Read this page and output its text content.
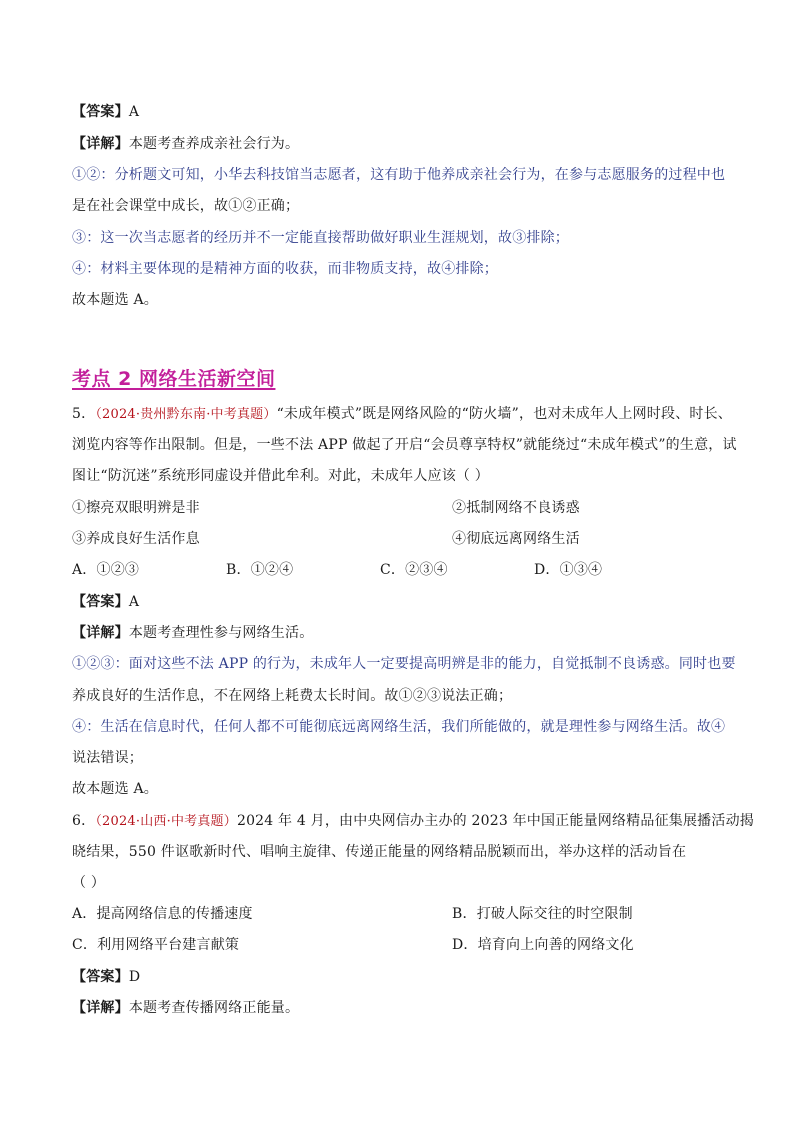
【答案】A
【详解】本题考查养成亲社会行为。
①②：分析题文可知，小华去科技馆当志愿者，这有助于他养成亲社会行为，在参与志愿服务的过程中也
是在社会课堂中成长，故①②正确；
③：这一次当志愿者的经历并不一定能直接帮助做好职业生涯规划，故③排除；
④：材料主要体现的是精神方面的收获，而非物质支持，故④排除；
故本题选 A。
考点 2 网络生活新空间
5．（2024·贵州黔东南·中考真题）“未成年模式”既是网络风险的“防火墙”，也对未成年人上网时段、时长、
浏览内容等作出限制。但是，一些不法 APP 做起了开启“会员尊享特权”就能绕过“未成年模式”的生意，试
图让“防沉迷”系统形同虚设并借此牟利。对此，未成年人应该（ ）
①擦亮双眼明辨是非	②抵制网络不良诱惑
③养成良好生活作息	④彻底远离网络生活
A．①②③	B．①②④	C．②③④	D．①③④
【答案】A
【详解】本题考查理性参与网络生活。
①②③：面对这些不法 APP 的行为，未成年人一定要提高明辨是非的能力，自觉抵制不良诱惑。同时也要
养成良好的生活作息，不在网络上耗费太长时间。故①②③说法正确；
④：生活在信息时代，任何人都不可能彻底远离网络生活，我们所能做的，就是理性参与网络生活。故④
说法错误；
故本题选 A。
6．（2024·山西·中考真题）2024 年 4 月，由中央网信办主办的 2023 年中国正能量网络精品征集展播活动揭
晓结果，550 件讴歌新时代、唱响主旋律、传递正能量的网络精品脱颖而出，举办这样的活动旨在
（ ）
A．提高网络信息的传播速度	B．打破人际交往的时空限制
C．利用网络平台建言献策	D．培育向上向善的网络文化
【答案】D
【详解】本题考查传播网络正能量。
